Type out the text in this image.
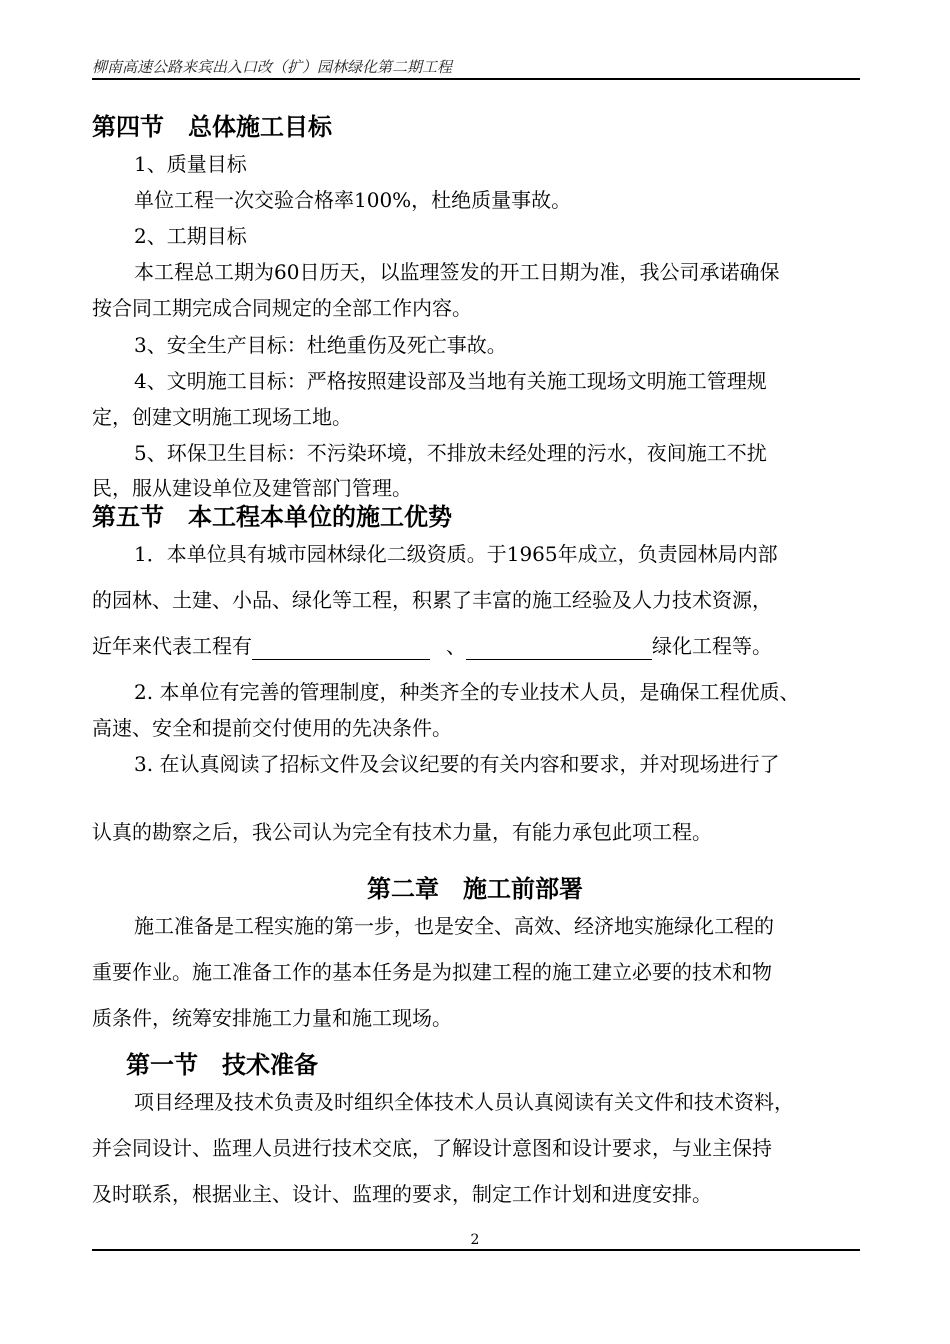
柳南高速公路来宾出入口改（扩）园林绿化第二期工程
第四节　总体施工目标
1、质量目标
单位工程一次交验合格率100%，杜绝质量事故。
2、工期目标
本工程总工期为60日历天，以监理签发的开工日期为准，我公司承诺确保
按合同工期完成合同规定的全部工作内容。
3、安全生产目标：杜绝重伤及死亡事故。
4、文明施工目标：严格按照建设部及当地有关施工现场文明施工管理规
定，创建文明施工现场工地。
5、环保卫生目标：不污染环境，不排放未经处理的污水，夜间施工不扰
民，服从建设单位及建管部门管理。
第五节　本工程本单位的施工优势
1．本单位具有城市园林绿化二级资质。于1965年成立，负责园林局内部
的园林、土建、小品、绿化等工程，积累了丰富的施工经验及人力技术资源，
近年来代表工程有	、	绿化工程等。
2. 本单位有完善的管理制度，种类齐全的专业技术人员，是确保工程优质、
高速、安全和提前交付使用的先决条件。
3. 在认真阅读了招标文件及会议纪要的有关内容和要求，并对现场进行了
认真的勘察之后，我公司认为完全有技术力量，有能力承包此项工程。
第二章　施工前部署
施工准备是工程实施的第一步，也是安全、高效、经济地实施绿化工程的
重要作业。施工准备工作的基本任务是为拟建工程的施工建立必要的技术和物
质条件，统筹安排施工力量和施工现场。
第一节　技术准备
项目经理及技术负责及时组织全体技术人员认真阅读有关文件和技术资料，
并会同设计、监理人员进行技术交底，了解设计意图和设计要求，与业主保持
及时联系，根据业主、设计、监理的要求，制定工作计划和进度安排。
2
